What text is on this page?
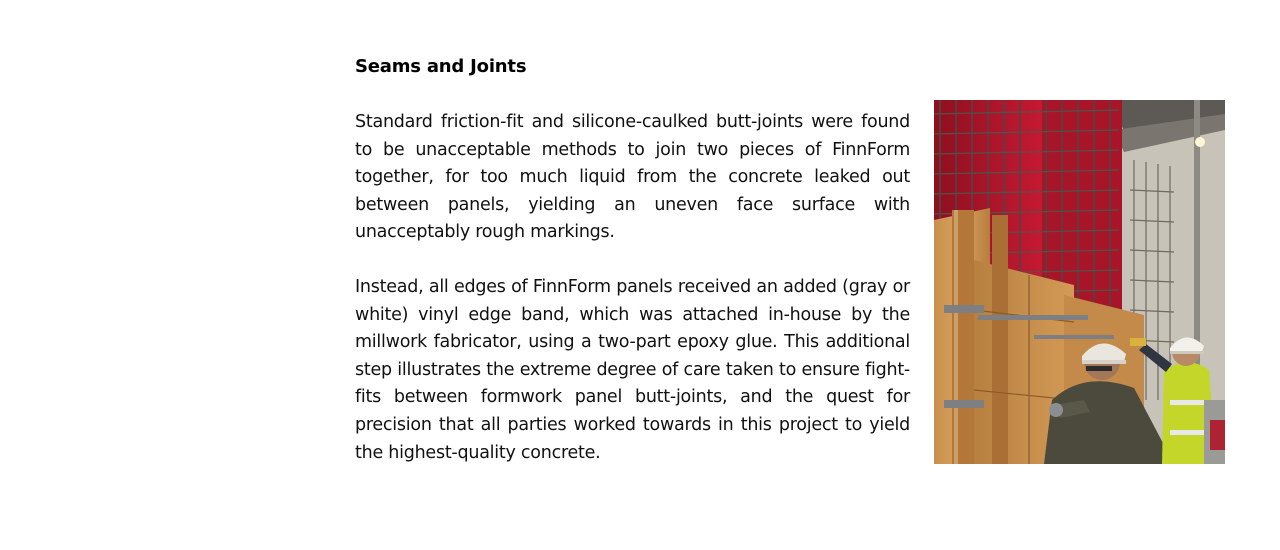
Seams and Joints

Standard friction-fit and silicone-caulked butt-joints were found to be unacceptable methods to join two pieces of FinnForm together, for too much liquid from the concrete leaked out between panels, yielding an uneven face surface with unacceptably rough markings.

Instead, all edges of FinnForm panels received an added (gray or white) vinyl edge band, which was attached in-house by the millwork fabricator, using a two-part epoxy glue. This additional step illustrates the extreme degree of care taken to ensure fight-fits between formwork panel butt-joints, and the quest for precision that all parties worked towards in this project to yield the highest-quality concrete.
